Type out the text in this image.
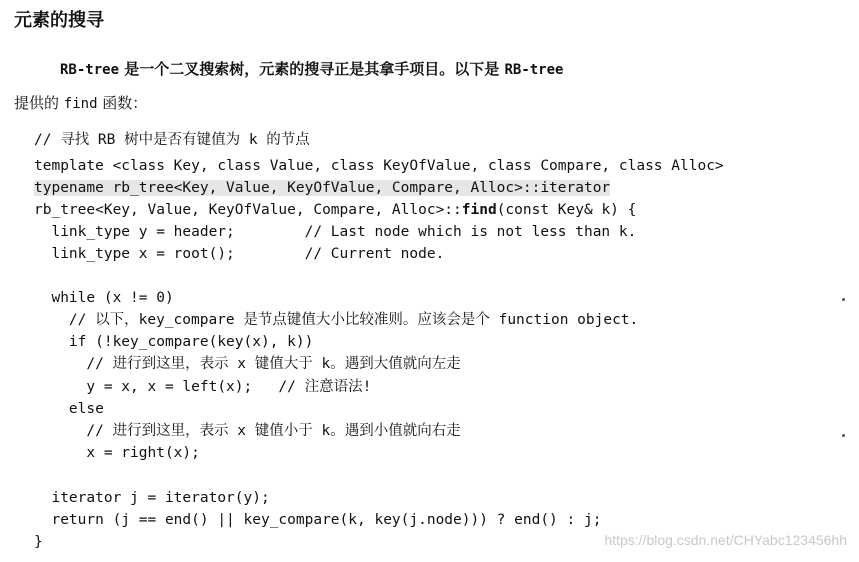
元素的搜寻
RB-tree 是一个二叉搜索树，元素的搜寻正是其拿手项目。以下是 RB-tree
提供的 find 函数：
// 寻找 RB 树中是否有键值为 k 的节点
template <class Key, class Value, class KeyOfValue, class Compare, class Alloc>
typename rb_tree<Key, Value, KeyOfValue, Compare, Alloc>::iterator
rb_tree<Key, Value, KeyOfValue, Compare, Alloc>::find(const Key& k) {
link_type y = header;        // Last node which is not less than k.
link_type x = root();        // Current node.
while (x != 0)
// 以下，key_compare 是节点键值大小比较准则。应该会是个 function object.
if (!key_compare(key(x), k))
// 进行到这里，表示 x 键值大于 k。遇到大值就向左走
y = x, x = left(x);   // 注意语法!
else
// 进行到这里，表示 x 键值小于 k。遇到小值就向右走
x = right(x);
iterator j = iterator(y);
return (j == end() || key_compare(k, key(j.node))) ? end() : j;
}	https://blog.csdn.net/CHYabc123456hh
